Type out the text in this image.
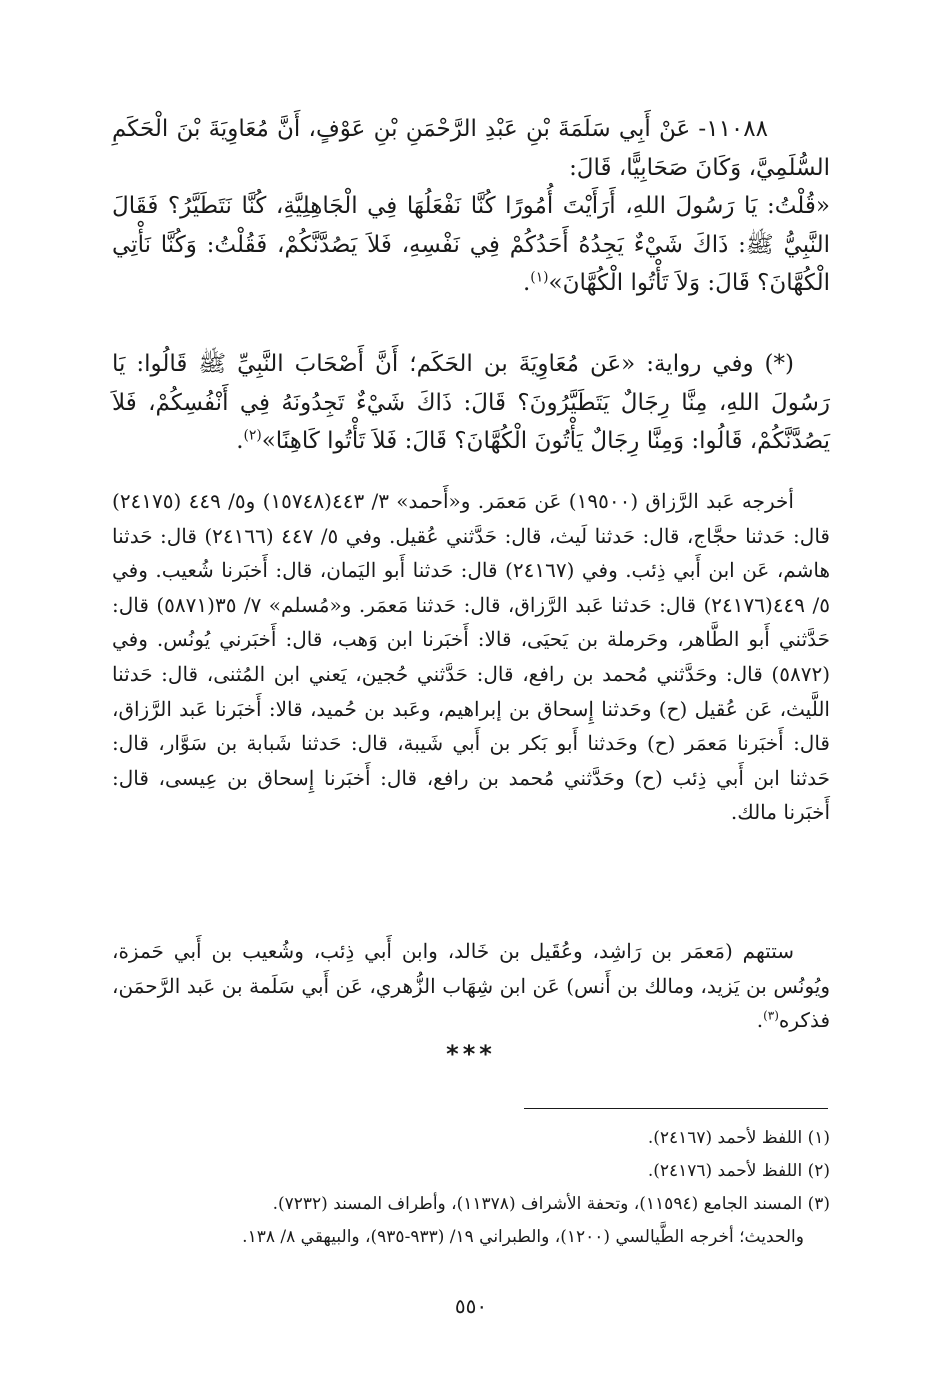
١١٠٨٨- عَنْ أَبِي سَلَمَةَ بْنِ عَبْدِ الرَّحْمَنِ بْنِ عَوْفٍ، أَنَّ مُعَاوِيَةَ بْنَ الْحَكَمِ السُّلَمِيَّ، وَكَانَ صَحَابِيًّا، قَالَ:

«قُلْتُ: يَا رَسُولَ اللهِ، أَرَأَيْتَ أُمُورًا كُنَّا نَفْعَلُهَا فِي الْجَاهِلِيَّةِ، كُنَّا نَتَطَيَّرُ؟ فَقَالَ النَّبِيُّ ﷺ: ذَاكَ شَيْءٌ يَجِدُهُ أَحَدُكُمْ فِي نَفْسِهِ، فَلاَ يَصُدَّنَّكُمْ، فَقُلْتُ: وَكُنَّا نَأْتِي الْكُهَّانَ؟ قَالَ: وَلاَ تَأْتُوا الْكُهَّانَ»$^{(١)}$.

(*) وفي رواية: «عَن مُعَاوِيَةَ بن الحَكَم؛ أَنَّ أَصْحَابَ النَّبِيِّ ﷺ قَالُوا: يَا رَسُولَ اللهِ، مِنَّا رِجَالٌ يَتَطَيَّرُونَ؟ قَالَ: ذَاكَ شَيْءٌ تَجِدُونَهُ فِي أَنْفُسِكُمْ، فَلاَ يَصُدَّنَّكُمْ، قَالُوا: وَمِنَّا رِجَالٌ يَأْتُونَ الْكُهَّانَ؟ قَالَ: فَلاَ تَأْتُوا كَاهِنًا»$^{(٢)}$.

أخرجه عَبد الرَّزاق (١٩٥٠٠) عَن مَعمَر. و«أَحمد» ٣/ ٤٤٣(١٥٧٤٨) و٥/ ٤٤٩ (٢٤١٧٥) قال: حَدثنا حجَّاج، قال: حَدثنا لَيث، قال: حَدَّثني عُقيل. وفي ٥/ ٤٤٧ (٢٤١٦٦) قال: حَدثنا هاشم، عَن ابن أَبي ذِئب. وفي (٢٤١٦٧) قال: حَدثنا أَبو اليَمان، قال: أَخبَرنا شُعيب. وفي ٥/ ٤٤٩(٢٤١٧٦) قال: حَدثنا عَبد الرَّزاق، قال: حَدثنا مَعمَر. و«مُسلم» ٧/ ٣٥(٥٨٧١) قال: حَدَّثني أَبو الطَّاهر، وحَرملة بن يَحيَى، قالا: أَخبَرنا ابن وَهب، قال: أَخبَرني يُونُس. وفي (٥٨٧٢) قال: وحَدَّثني مُحمد بن رافع، قال: حَدَّثني حُجين، يَعني ابن المُثنى، قال: حَدثنا اللَّيث، عَن عُقيل (ح) وحَدثنا إِسحاق بن إبراهيم، وعَبد بن حُميد، قالا: أَخبَرنا عَبد الرَّزاق، قال: أَخبَرنا مَعمَر (ح) وحَدثنا أَبو بَكر بن أَبي شَيبة، قال: حَدثنا شَبابة بن سَوَّار، قال: حَدثنا ابن أَبي ذِئب (ح) وحَدَّثني مُحمد بن رافع، قال: أَخبَرنا إِسحاق بن عِيسى، قال: أَخبَرنا مالك.

ستتهم (مَعمَر بن رَاشِد، وعُقَيل بن خَالد، وابن أَبي ذِئب، وشُعيب بن أَبي حَمزة، ويُونُس بن يَزيد، ومالك بن أَنس) عَن ابن شِهَاب الزُّهري، عَن أَبي سَلَمة بن عَبد الرَّحمَن، فذكره$^{(٣)}$.

***

(١) اللفظ لأحمد (٢٤١٦٧).

(٢) اللفظ لأحمد (٢٤١٧٦).

(٣) المسند الجامع (١١٥٩٤)، وتحفة الأشراف (١١٣٧٨)، وأطراف المسند (٧٢٣٢).

والحديث؛ أخرجه الطَّيالسي (١٢٠٠)، والطبراني ١٩/ (٩٣٣-٩٣٥)، والبيهقي ٨/ ١٣٨.

٥٥٠
